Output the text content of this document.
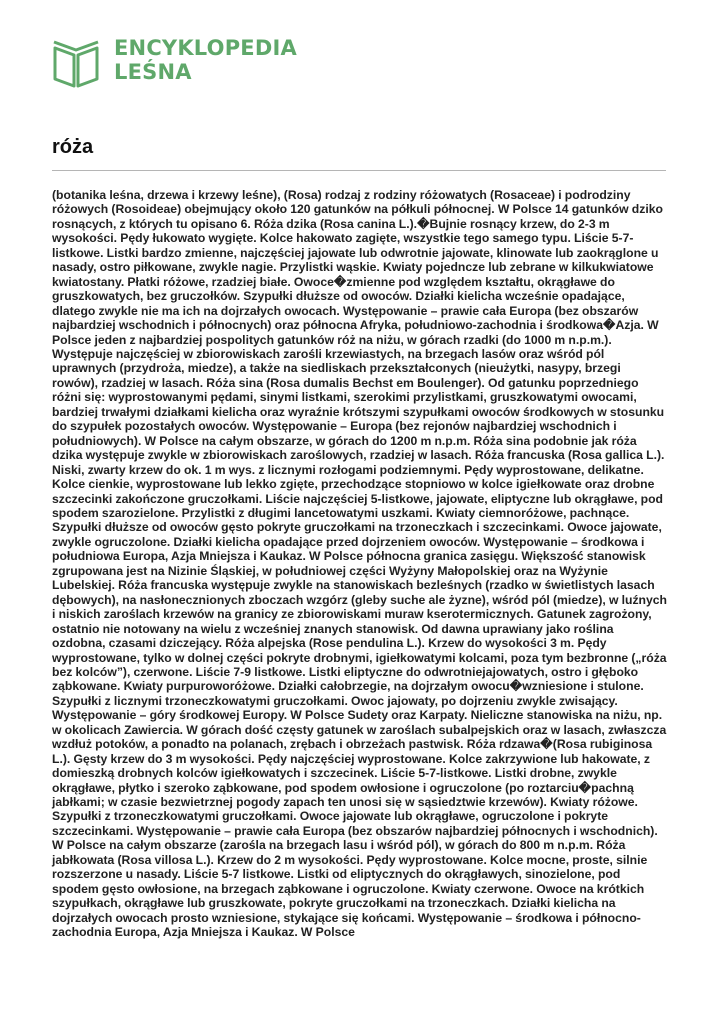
ENCYKLOPEDIA
LEŚNA
róża

(botanika leśna, drzewa i krzewy leśne), (Rosa) rodzaj z rodziny różowatych (Rosaceae) i podrodziny różowych (Rosoideae) obejmujący około 120 gatunków na półkuli północnej. W Polsce 14 gatunków dziko rosnących, z których tu opisano 6. Róża dzika (Rosa canina L.).�Bujnie rosnący krzew, do 2-3 m wysokości. Pędy łukowato wygięte. Kolce hakowato zagięte, wszystkie tego samego typu. Liście 5-7-listkowe. Listki bardzo zmienne, najczęściej jajowate lub odwrotnie jajowate, klinowate lub zaokrąglone u nasady, ostro piłkowane, zwykle nagie. Przylistki wąskie. Kwiaty pojedncze lub zebrane w kilkukwiatowe kwiatostany. Płatki różowe, rzadziej białe. Owoce�zmienne pod względem kształtu, okrągławe do gruszkowatych, bez gruczołków. Szypułki dłuższe od owoców. Działki kielicha wcześnie opadające, dlatego zwykle nie ma ich na dojrzałych owocach. Występowanie – prawie cała Europa (bez obszarów najbardziej wschodnich i północnych) oraz północna Afryka, południowo-zachodnia i środkowa�Azja. W Polsce jeden z najbardziej pospolitych gatunków róż na niżu, w górach rzadki (do 1000 m n.p.m.). Występuje najczęściej w zbiorowiskach zarośli krzewiastych, na brzegach lasów oraz wśród pól uprawnych (przydroża, miedze), a także na siedliskach przekształconych (nieużytki, nasypy, brzegi rowów), rzadziej w lasach. Róża sina (Rosa dumalis Bechst em Boulenger). Od gatunku poprzedniego różni się: wyprostowanymi pędami, sinymi listkami, szerokimi przylistkami, gruszkowatymi owocami, bardziej trwałymi działkami kielicha oraz wyraźnie krótszymi szypułkami owoców środkowych w stosunku do szypułek pozostałych owoców. Występowanie – Europa (bez rejonów najbardziej wschodnich i południowych). W Polsce na całym obszarze, w górach do 1200 m n.p.m. Róża sina podobnie jak róża dzika występuje zwykle w zbiorowiskach zaroślowych, rzadziej w lasach. Róża francuska (Rosa gallica L.). Niski, zwarty krzew do ok. 1 m wys. z licznymi rozłogami podziemnymi. Pędy wyprostowane, delikatne. Kolce cienkie, wyprostowane lub lekko zgięte, przechodzące stopniowo w kolce igiełkowate oraz drobne szczecinki zakończone gruczołkami. Liście najczęściej 5-listkowe, jajowate, eliptyczne lub okrągławe, pod spodem szarozielone. Przylistki z długimi lancetowatymi uszkami. Kwiaty ciemnoróżowe, pachnące. Szypułki dłuższe od owoców gęsto pokryte gruczołkami na trzoneczkach i szczecinkami. Owoce jajowate, zwykle ogruczolone. Działki kielicha opadające przed dojrzeniem owoców. Występowanie – środkowa i południowa Europa, Azja Mniejsza i Kaukaz. W Polsce północna granica zasięgu. Większość stanowisk zgrupowana jest na Nizinie Śląskiej, w południowej części Wyżyny Małopolskiej oraz na Wyżynie Lubelskiej. Róża francuska występuje zwykle na stanowiskach bezleśnych (rzadko w świetlistych lasach dębowych), na nasłonecznionych zboczach wzgórz (gleby suche ale żyzne), wśród pól (miedze), w luźnych i niskich zaroślach krzewów na granicy ze zbiorowiskami muraw kserotermicznych. Gatunek zagrożony, ostatnio nie notowany na wielu z wcześniej znanych stanowisk. Od dawna uprawiany jako roślina ozdobna, czasami dziczejący. Róża alpejska (Rose pendulina L.). Krzew do wysokości 3 m. Pędy wyprostowane, tylko w dolnej części pokryte drobnymi, igiełkowatymi kolcami, poza tym bezbronne („róża bez kolców”), czerwone. Liście 7-9 listkowe. Listki eliptyczne do odwrotniejajowatych, ostro i głęboko ząbkowane. Kwiaty purpuroworóżowe. Działki całobrzegie, na dojrzałym owocu�wzniesione i stulone. Szypułki z licznymi trzoneczkowatymi gruczołkami. Owoc jajowaty, po dojrzeniu zwykle zwisający. Występowanie – góry środkowej Europy. W Polsce Sudety oraz Karpaty. Nieliczne stanowiska na niżu, np. w okolicach Zawiercia. W górach dość częsty gatunek w zaroślach subalpejskich oraz w lasach, zwłaszcza wzdłuż potoków, a ponadto na polanach, zrębach i obrzeżach pastwisk. Róża rdzawa�(Rosa rubiginosa L.). Gęsty krzew do 3 m wysokości. Pędy najczęściej wyprostowane. Kolce zakrzywione lub hakowate, z domieszką drobnych kolców igiełkowatych i szczecinek. Liście 5-7-listkowe. Listki drobne, zwykle okrągławe, płytko i szeroko ząbkowane, pod spodem owłosione i ogruczolone (po roztarciu�pachną jabłkami; w czasie bezwietrznej pogody zapach ten unosi się w sąsiedztwie krzewów). Kwiaty różowe. Szypułki z trzoneczkowatymi gruczołkami. Owoce jajowate lub okrągławe, ogruczolone i pokryte szczecinkami. Występowanie – prawie cała Europa (bez obszarów najbardziej północnych i wschodnich). W Polsce na całym obszarze (zarośla na brzegach lasu i wśród pól), w górach do 800 m n.p.m. Róża jabłkowata (Rosa villosa L.). Krzew do 2 m wysokości. Pędy wyprostowane. Kolce mocne, proste, silnie rozszerzone u nasady. Liście 5-7 listkowe. Listki od eliptycznych do okrągławych, sinozielone, pod spodem gęsto owłosione, na brzegach ząbkowane i ogruczolone. Kwiaty czerwone. Owoce na krótkich szypułkach, okrągławe lub gruszkowate, pokryte gruczołkami na trzoneczkach. Działki kielicha na dojrzałych owocach prosto wzniesione, stykające się końcami. Występowanie – środkowa i północno-zachodnia Europa, Azja Mniejsza i Kaukaz. W Polsce
